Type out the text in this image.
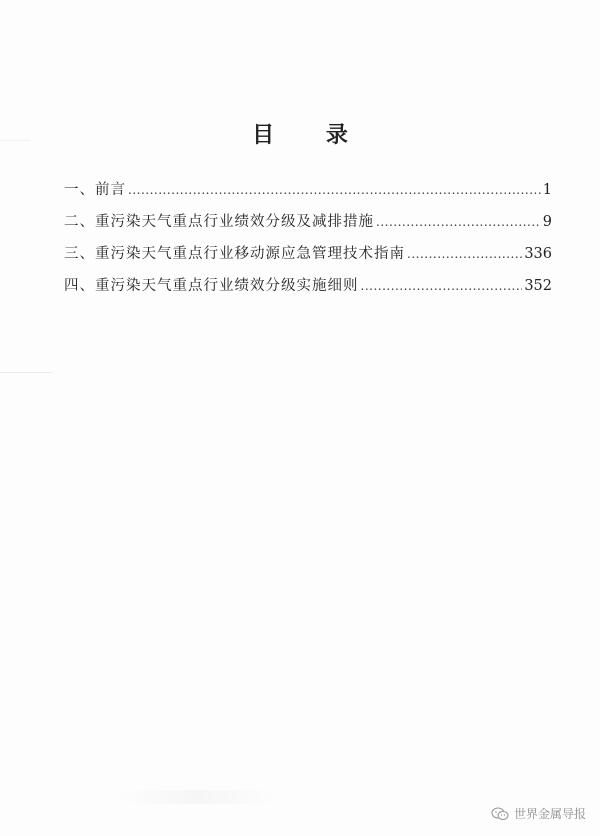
目 录
一、前言 .....	1
二、重污染天气重点行业绩效分级及减排措施 .....	9
三、重污染天气重点行业移动源应急管理技术指南 .....	336
四、重污染天气重点行业绩效分级实施细则 .....	352
世界金属导报
